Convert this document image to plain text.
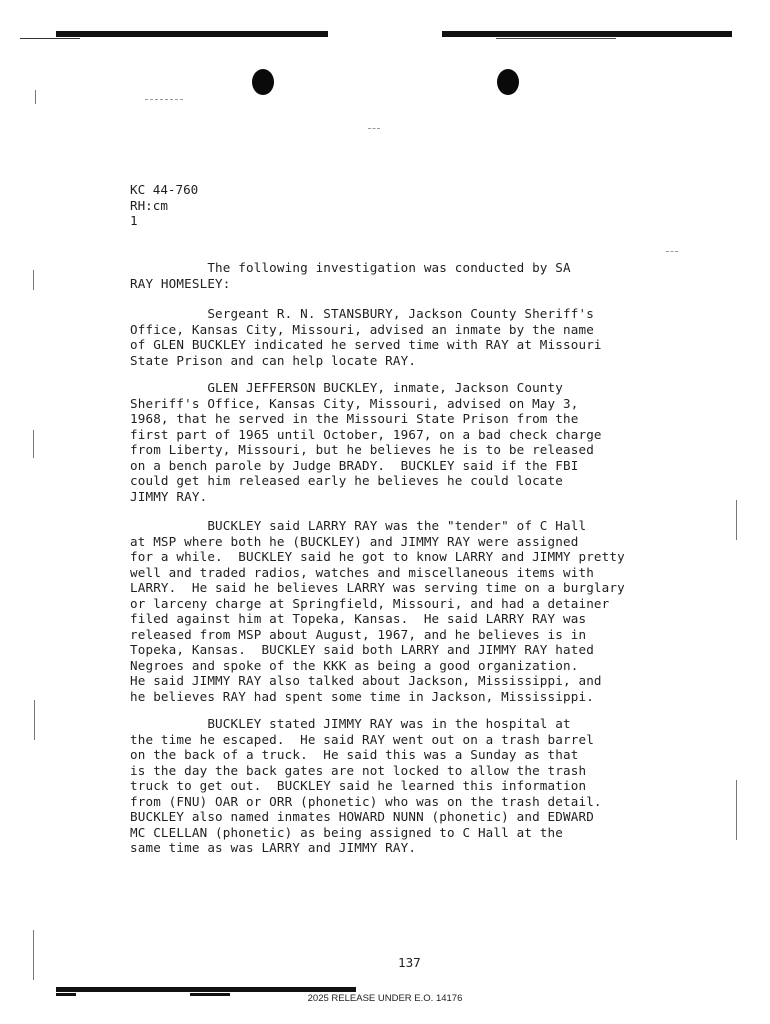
KC 44-760
RH:cm
1
The following investigation was conducted by SA
RAY HOMESLEY:
Sergeant R. N. STANSBURY, Jackson County Sheriff's
Office, Kansas City, Missouri, advised an inmate by the name
of GLEN BUCKLEY indicated he served time with RAY at Missouri
State Prison and can help locate RAY.
GLEN JEFFERSON BUCKLEY, inmate, Jackson County
Sheriff's Office, Kansas City, Missouri, advised on May 3,
1968, that he served in the Missouri State Prison from the
first part of 1965 until October, 1967, on a bad check charge
from Liberty, Missouri, but he believes he is to be released
on a bench parole by Judge BRADY.  BUCKLEY said if the FBI
could get him released early he believes he could locate
JIMMY RAY.
BUCKLEY said LARRY RAY was the "tender" of C Hall
at MSP where both he (BUCKLEY) and JIMMY RAY were assigned
for a while.  BUCKLEY said he got to know LARRY and JIMMY pretty
well and traded radios, watches and miscellaneous items with
LARRY.  He said he believes LARRY was serving time on a burglary
or larceny charge at Springfield, Missouri, and had a detainer
filed against him at Topeka, Kansas.  He said LARRY RAY was
released from MSP about August, 1967, and he believes is in
Topeka, Kansas.  BUCKLEY said both LARRY and JIMMY RAY hated
Negroes and spoke of the KKK as being a good organization.
He said JIMMY RAY also talked about Jackson, Mississippi, and
he believes RAY had spent some time in Jackson, Mississippi.
BUCKLEY stated JIMMY RAY was in the hospital at
the time he escaped.  He said RAY went out on a trash barrel
on the back of a truck.  He said this was a Sunday as that
is the day the back gates are not locked to allow the trash
truck to get out.  BUCKLEY said he learned this information
from (FNU) OAR or ORR (phonetic) who was on the trash detail.
BUCKLEY also named inmates HOWARD NUNN (phonetic) and EDWARD
MC CLELLAN (phonetic) as being assigned to C Hall at the
same time as was LARRY and JIMMY RAY.
137
2025 RELEASE UNDER E.O. 14176
